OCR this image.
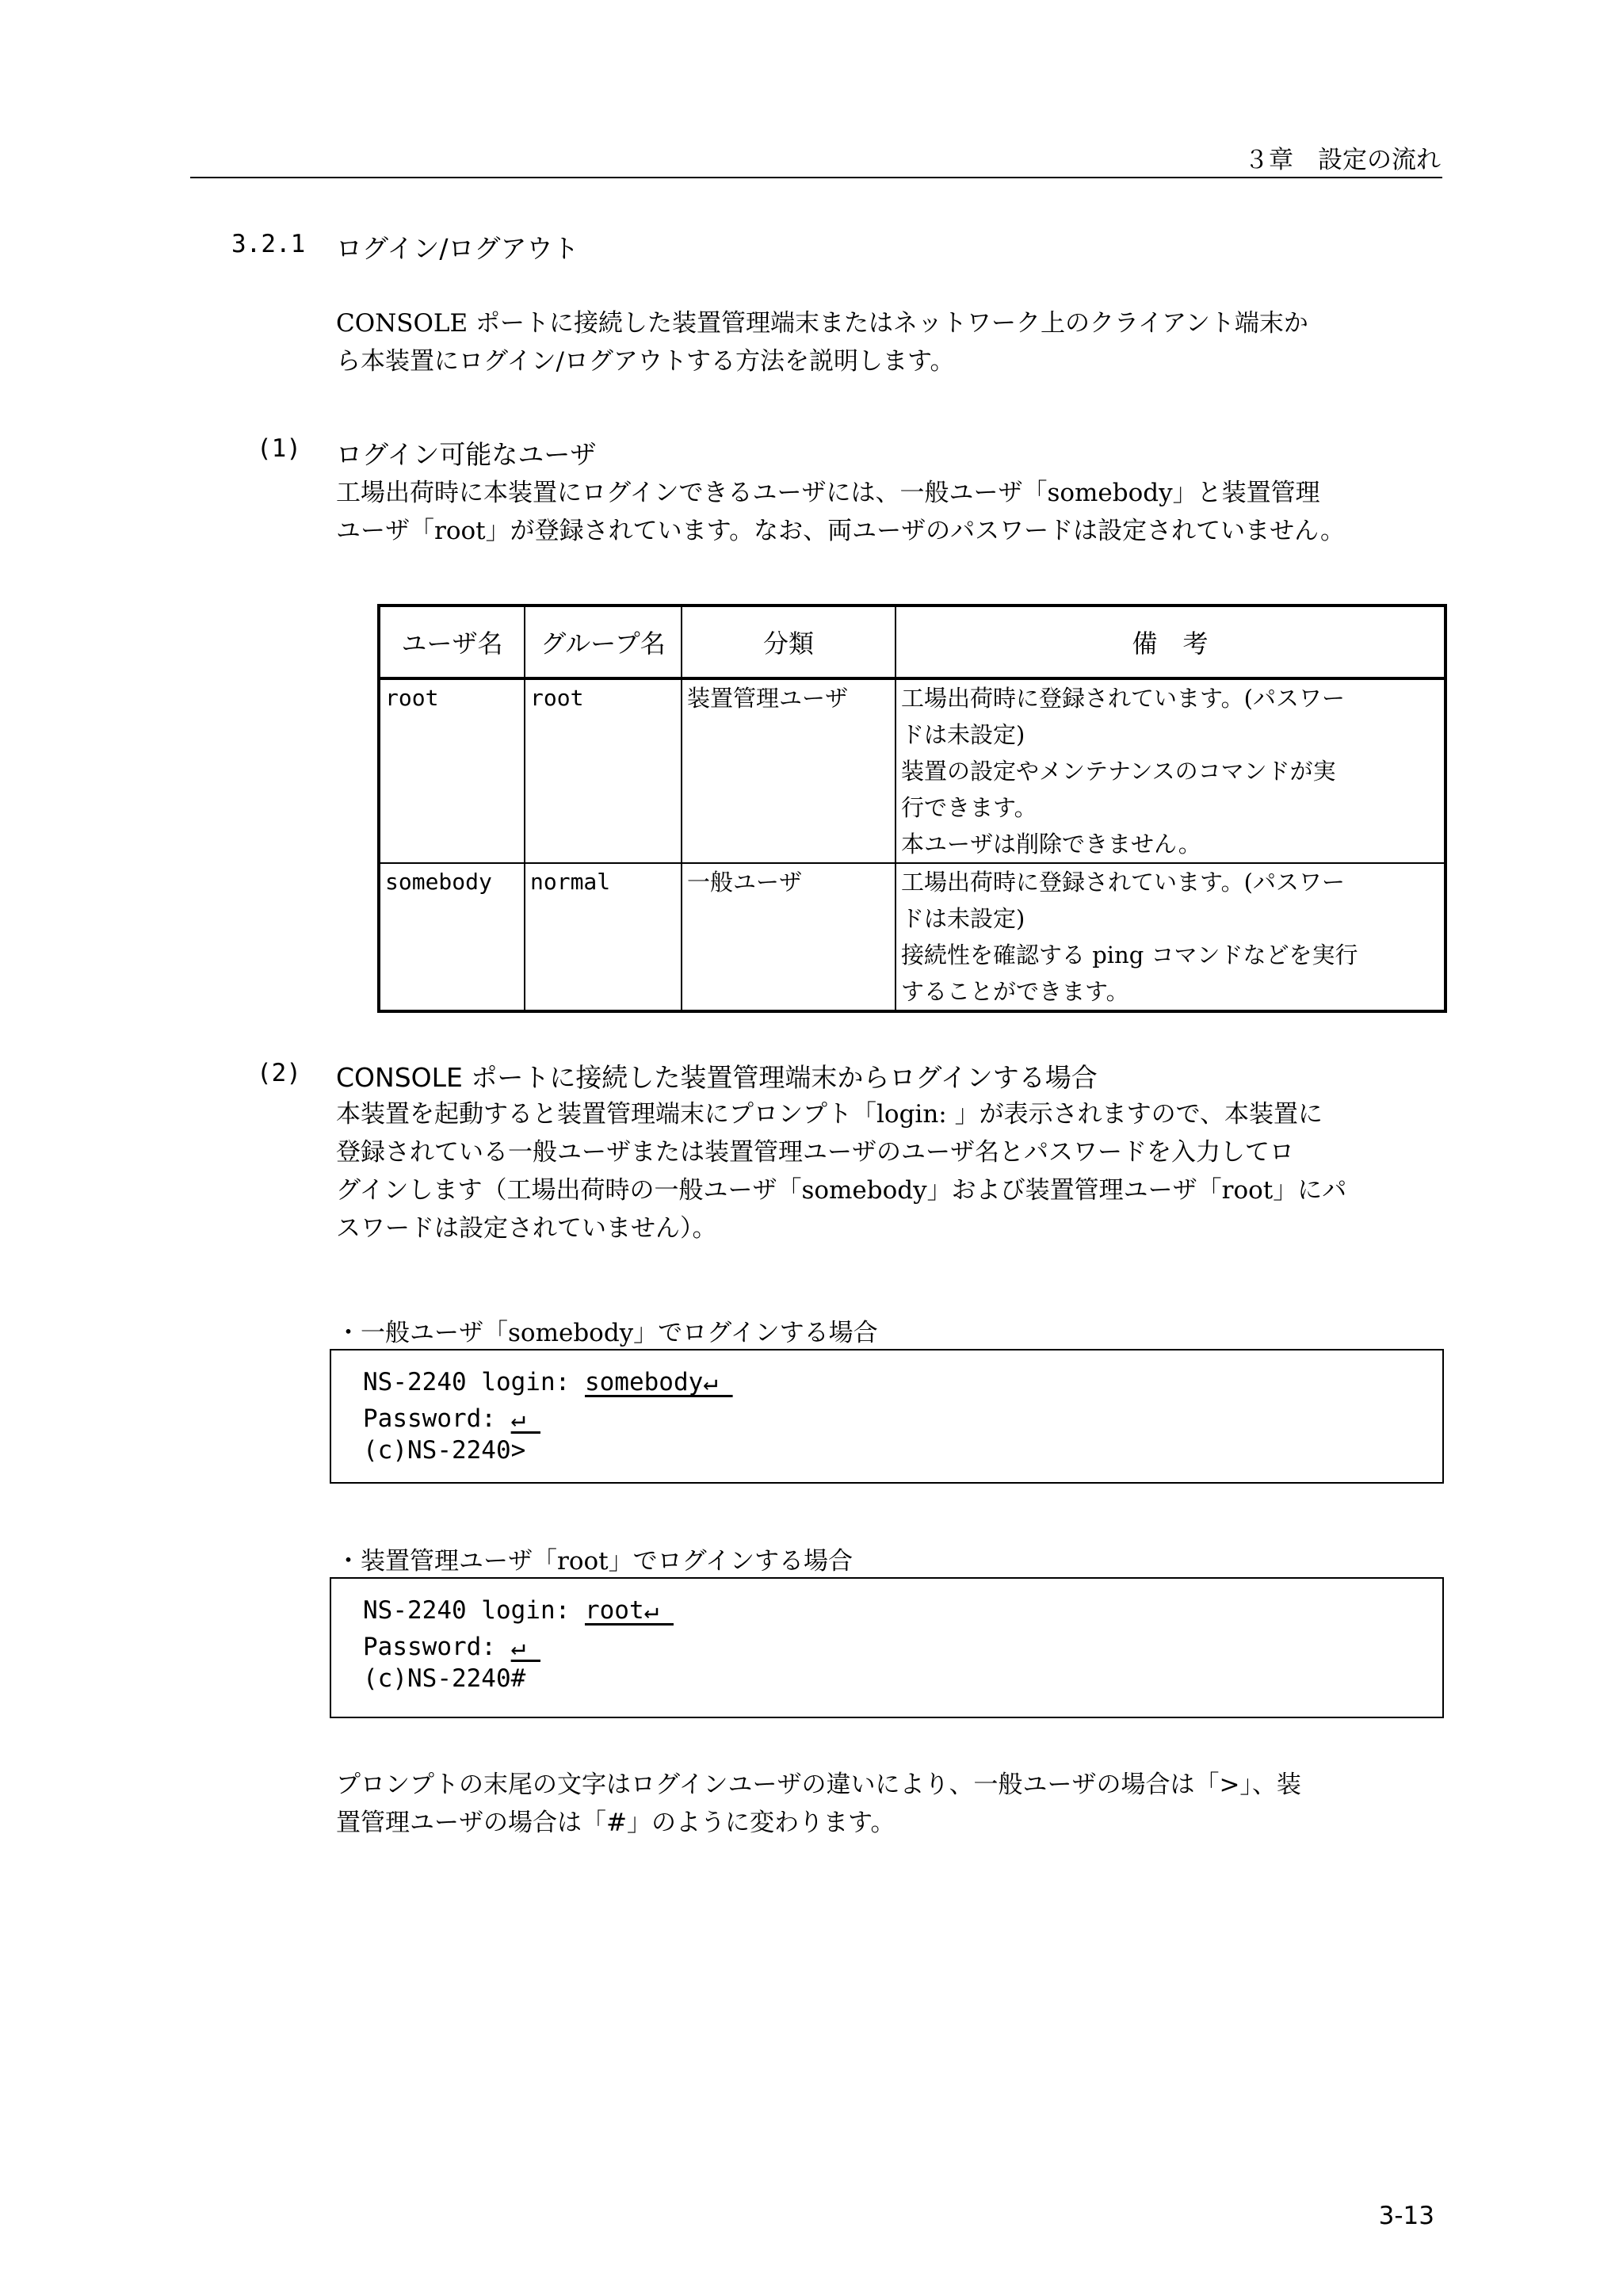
３章　設定の流れ
3.2.1 ログイン/ログアウト
CONSOLE ポートに接続した装置管理端末またはネットワーク上のクライアント端末か
ら本装置にログイン/ログアウトする方法を説明します。
(1) ログイン可能なユーザ
工場出荷時に本装置にログインできるユーザには、一般ユーザ「somebody」と装置管理
ユーザ「root」が登録されています。なお、両ユーザのパスワードは設定されていません。
ユーザ名	グループ名	分類	備　考
root	root	装置管理ユーザ	工場出荷時に登録されています。(パスワー
ドは未設定)
装置の設定やメンテナンスのコマンドが実
行できます。
本ユーザは削除できません。

somebody	normal	一般ユーザ	工場出荷時に登録されています。(パスワー
ドは未設定)
接続性を確認する ping コマンドなどを実行
することができます。
(2) CONSOLE ポートに接続した装置管理端末からログインする場合
本装置を起動すると装置管理端末にプロンプト「login: 」が表示されますので、本装置に
登録されている一般ユーザまたは装置管理ユーザのユーザ名とパスワードを入力してロ
グインします（工場出荷時の一般ユーザ「somebody」および装置管理ユーザ「root」にパ
スワードは設定されていません）。
・一般ユーザ「somebody」でログインする場合
NS-2240 login: somebody↵
Password: ↵
(c)NS-2240>
・装置管理ユーザ「root」でログインする場合
NS-2240 login: root↵
Password: ↵
(c)NS-2240#
プロンプトの末尾の文字はログインユーザの違いにより、一般ユーザの場合は「>」、装
置管理ユーザの場合は「#」のように変わります。
3-13
